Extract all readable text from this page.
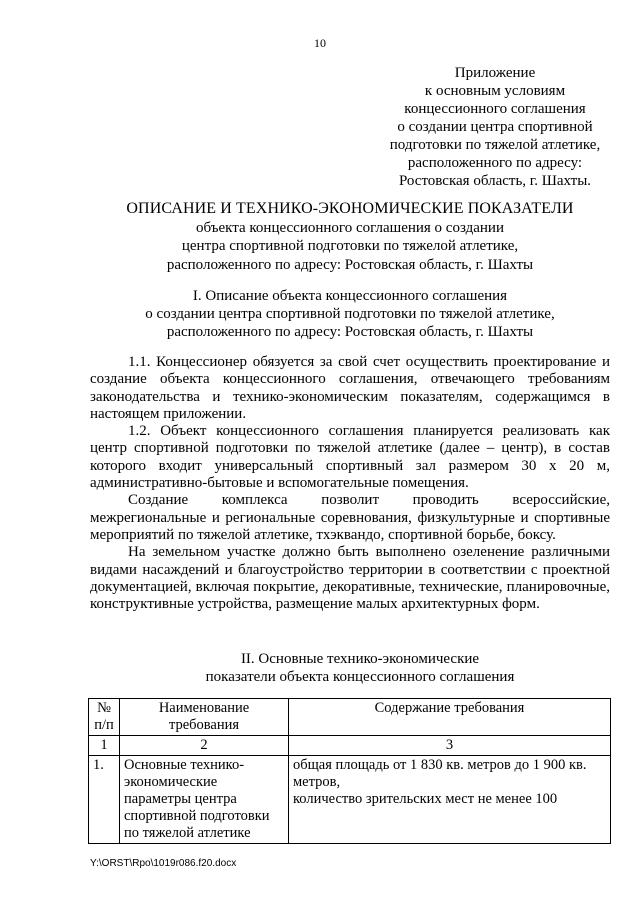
10
Приложение
к основным условиям
концессионного соглашения
о создании центра спортивной
подготовки по тяжелой атлетике,
расположенного по адресу:
Ростовская область, г. Шахты.
ОПИСАНИЕ И ТЕХНИКО-ЭКОНОМИЧЕСКИЕ ПОКАЗАТЕЛИ
объекта концессионного соглашения о создании
центра спортивной подготовки по тяжелой атлетике,
расположенного по адресу: Ростовская область, г. Шахты
I. Описание объекта концессионного соглашения
о создании центра спортивной подготовки по тяжелой атлетике,
расположенного по адресу: Ростовская область, г. Шахты

1.1. Концессионер обязуется за свой счет осуществить проектирование и создание объекта концессионного соглашения, отвечающего требованиям законодательства и технико-экономическим показателям, содержащимся в настоящем приложении.

1.2. Объект концессионного соглашения планируется реализовать как центр спортивной подготовки по тяжелой атлетике (далее – центр), в состав которого входит универсальный спортивный зал размером 30 х 20 м, административно-бытовые и вспомогательные помещения.

Создание комплекса позволит проводить всероссийские, межрегиональные и региональные соревнования, физкультурные и спортивные мероприятий по тяжелой атлетике, тхэквандо, спортивной борьбе, боксу.

На земельном участке должно быть выполнено озеленение различными видами насаждений и благоустройство территории в соответствии с проектной документацией, включая покрытие, декоративные, технические, планировочные, конструктивные устройства, размещение малых архитектурных форм.

II. Основные технико-экономические
показатели объекта концессионного соглашения
№ п/п	Наименование требования	Содержание требования
1	2	3
1.	Основные технико-экономические параметры центра спортивной подготовки по тяжелой атлетике	общая площадь от 1 830 кв. метров до 1 900 кв. метров,
количество зрительских мест не менее 100
Y:\ORST\Rpo\1019r086.f20.docx
